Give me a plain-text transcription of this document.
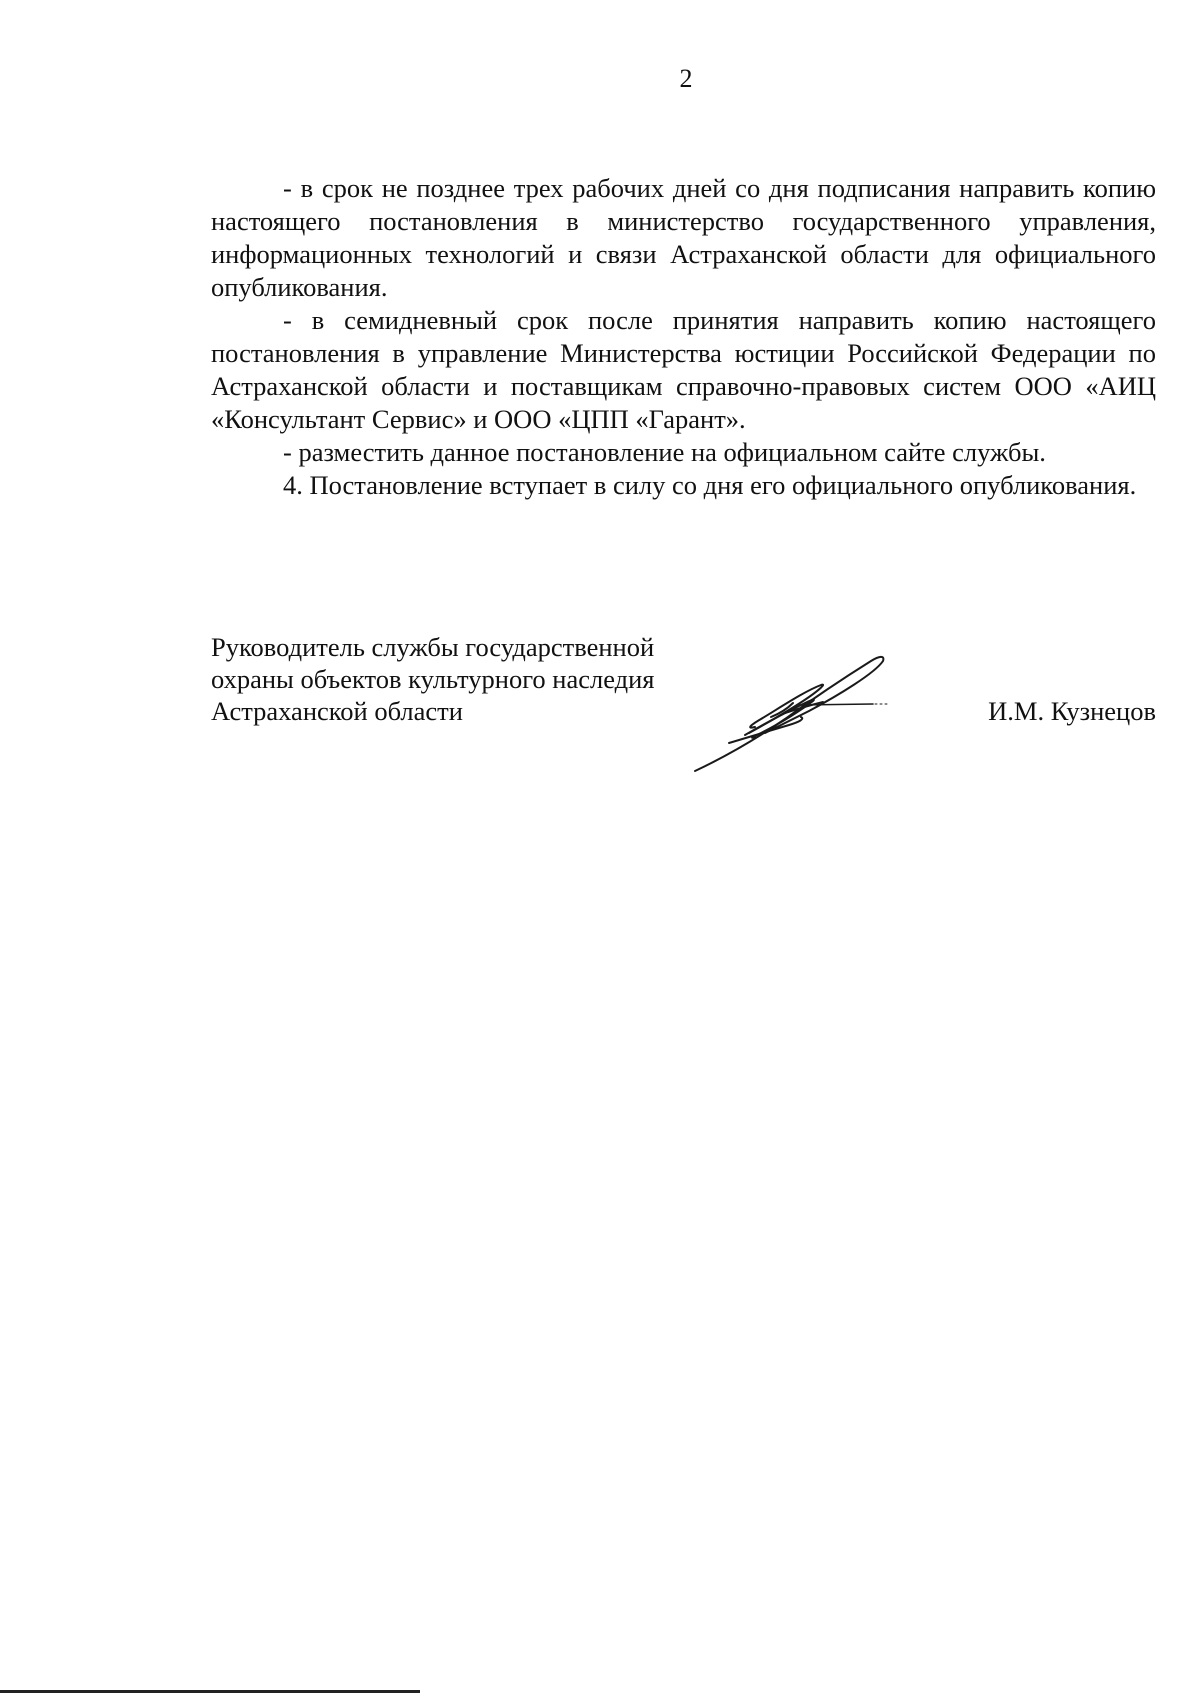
2

- в срок не позднее трех рабочих дней со дня подписания направить копию настоящего постановления в министерство государственного управления, информационных технологий и связи Астраханской области для официального опубликования.

- в семидневный срок после принятия направить копию настоящего постановления в управление Министерства юстиции Российской Федерации по Астраханской области и поставщикам справочно-правовых систем ООО «АИЦ «Консультант Сервис» и ООО «ЦПП «Гарант».

- разместить данное постановление на официальном сайте службы.

4. Постановление вступает в силу со дня его официального опубликования.

Руководитель службы государственной
охраны объектов культурного наследия
Астраханской области	И.М. Кузнецов
